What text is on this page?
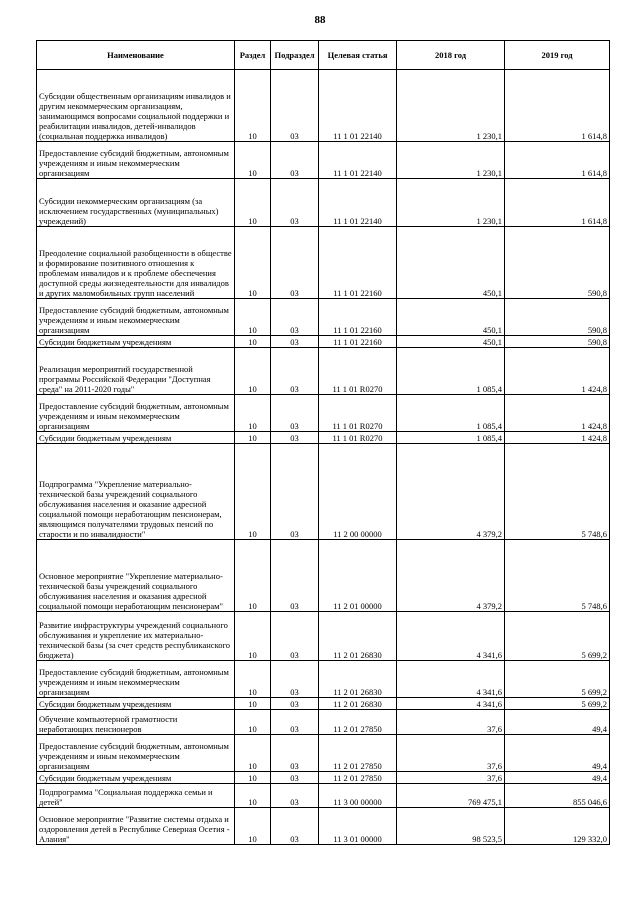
88
Наименование	Раздел	Подраздел	Целевая статья	2018 год	2019 год
Субсидии общественным организациям инвалидов и другим некоммерческим организациям, занимающимся вопросами социальной поддержки и реабилитации инвалидов, детей-инвалидов (социальная поддержка инвалидов)	10	03	11 1 01 22140	1 230,1	1 614,8
Предоставление субсидий бюджетным, автономным учреждениям и иным некоммерческим организациям	10	03	11 1 01 22140	1 230,1	1 614,8
Субсидии некоммерческим организациям (за исключением государственных (муниципальных) учреждений)	10	03	11 1 01 22140	1 230,1	1 614,8
Преодоление социальной разобщенности в обществе и формирование позитивного отношения к проблемам инвалидов и к проблеме обеспечения доступной среды жизнедеятельности для инвалидов и других маломобильных групп населений	10	03	11 1 01 22160	450,1	590,8
Предоставление субсидий бюджетным, автономным учреждениям и иным некоммерческим организациям	10	03	11 1 01 22160	450,1	590,8
Субсидии бюджетным учреждениям	10	03	11 1 01 22160	450,1	590,8
Реализация мероприятий государственной программы Российской Федерации "Доступная среда" на 2011-2020 годы"	10	03	11 1 01 R0270	1 085,4	1 424,8
Предоставление субсидий бюджетным, автономным учреждениям и иным некоммерческим организациям	10	03	11 1 01 R0270	1 085,4	1 424,8
Субсидии бюджетным учреждениям	10	03	11 1 01 R0270	1 085,4	1 424,8
Подпрограмма "Укрепление материально-технической базы учреждений социального обслуживания населения и оказание адресной социальной помощи неработающим пенсионерам, являющимся получателями трудовых пенсий по старости и по инвалидности"	10	03	11 2 00 00000	4 379,2	5 748,6
Основное мероприятие "Укрепление материально-технической базы учреждений социального обслуживания населения и оказания адресной социальной помощи неработающим пенсионерам"	10	03	11 2 01 00000	4 379,2	5 748,6
Развитие инфраструктуры учреждений социального обслуживания и укрепление их материально-технической базы (за счет средств республиканского бюджета)	10	03	11 2 01 26830	4 341,6	5 699,2
Предоставление субсидий бюджетным, автономным учреждениям и иным некоммерческим организациям	10	03	11 2 01 26830	4 341,6	5 699,2
Субсидии бюджетным учреждениям	10	03	11 2 01 26830	4 341,6	5 699,2
Обучение компьютерной грамотности неработающих пенсионеров	10	03	11 2 01 27850	37,6	49,4
Предоставление субсидий бюджетным, автономным учреждениям и иным некоммерческим организациям	10	03	11 2 01 27850	37,6	49,4
Субсидии бюджетным учреждениям	10	03	11 2 01 27850	37,6	49,4
Подпрограмма "Социальная поддержка семьи и детей"	10	03	11 3 00 00000	769 475,1	855 046,6
Основное мероприятие "Развитие системы отдыха и оздоровления детей в Республике Северная Осетия - Алания"	10	03	11 3 01 00000	98 523,5	129 332,0
